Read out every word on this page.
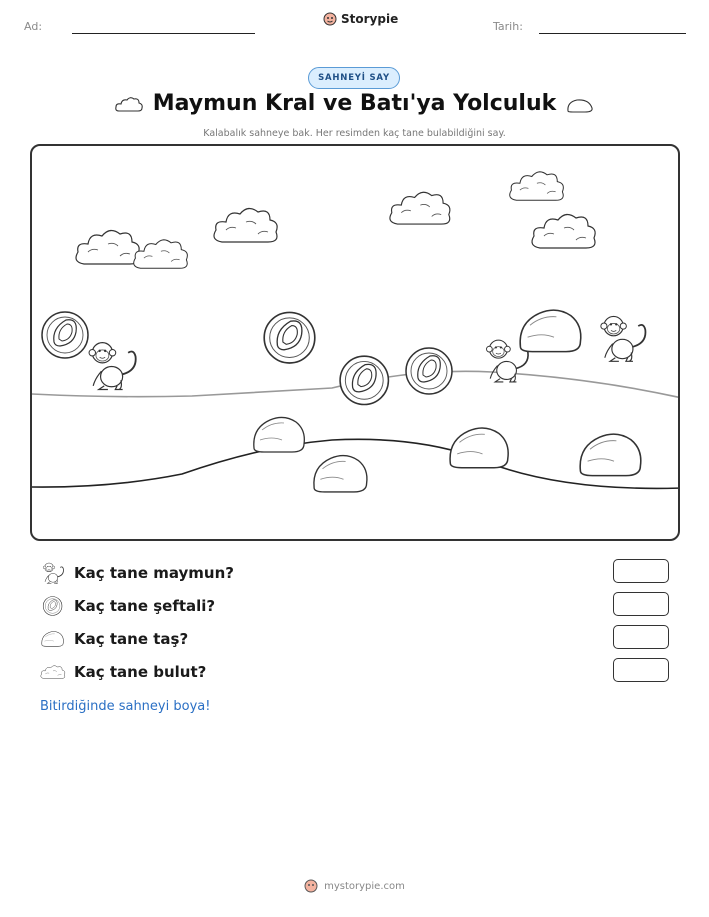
Ad:
Storypie
Tarih:
SAHNEYİ SAY
Maymun Kral ve Batı'ya Yolculuk
Kalabalık sahneye bak. Her resimden kaç tane bulabildiğini say.
Kaç tane maymun?
Kaç tane şeftali?
Kaç tane taş?
Kaç tane bulut?
Bitirdiğinde sahneyi boya!
mystorypie.com
